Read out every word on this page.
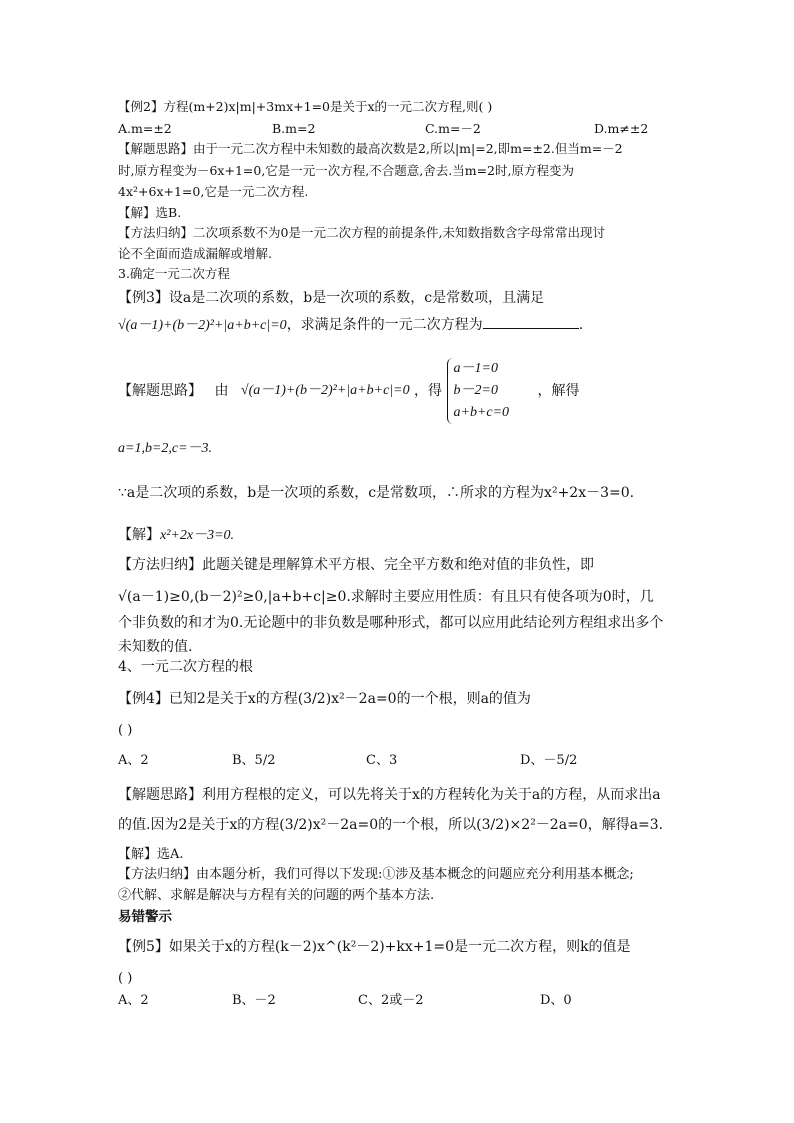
【例2】方程(m+2)x|m|+3mx+1=0是关于x的一元二次方程,则( )
A.m=±2	B.m=2	C.m=－2	D.m≠±2
【解题思路】由于一元二次方程中未知数的最高次数是2,所以|m|=2,即m=±2.但当m=－2
时,原方程变为－6x+1=0,它是一元一次方程,不合题意,舍去.当m=2时,原方程变为
4x²+6x+1=0,它是一元二次方程.
【解】选B.
【方法归纳】二次项系数不为0是一元二次方程的前提条件,未知数指数含字母常常出现讨
论不全面而造成漏解或增解.
3.确定一元二次方程
【例3】设a是二次项的系数，b是一次项的系数，c是常数项，且满足
√(a－1)+(b－2)²+|a+b+c|=0，求满足条件的一元二次方程为	.
【解题思路】 由 √(a－1)+(b－2)²+|a+b+c|=0 ，得
a－1=0
b－2=0
a+b+c=0
，解得
a=1,b=2,c=－3.
∵a是二次项的系数，b是一次项的系数，c是常数项，∴所求的方程为x²+2x－3=0.
【解】x²+2x－3=0.
【方法归纳】此题关键是理解算术平方根、完全平方数和绝对值的非负性，即
√(a－1)≥0,(b－2)²≥0,|a+b+c|≥0.求解时主要应用性质：有且只有使各项为0时，几
个非负数的和才为0.无论题中的非负数是哪种形式，都可以应用此结论列方程组求出多个
未知数的值.
4、一元二次方程的根
【例4】已知2是关于x的方程(3/2)x²－2a=0的一个根，则a的值为
( )
A、2	B、5/2	C、3	D、－5/2
【解题思路】利用方程根的定义，可以先将关于x的方程转化为关于a的方程，从而求出a
的值.因为2是关于x的方程(3/2)x²－2a=0的一个根，所以(3/2)×2²－2a=0，解得a=3.
【解】选A.
【方法归纳】由本题分析，我们可得以下发现:①涉及基本概念的问题应充分利用基本概念;
②代解、求解是解决与方程有关的问题的两个基本方法.
易错警示
【例5】如果关于x的方程(k－2)x^(k²－2)+kx+1=0是一元二次方程，则k的值是
( )
A、2	B、－2	C、2或－2	D、0
